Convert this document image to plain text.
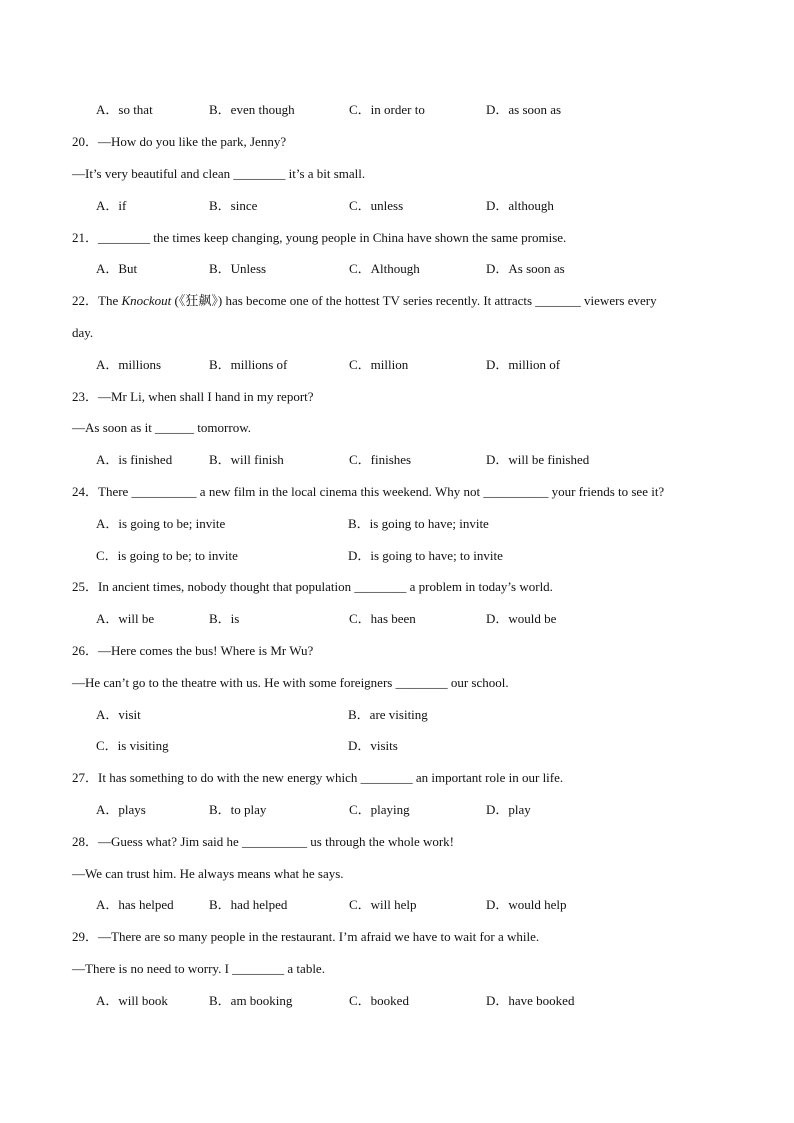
A．so that	B．even though	C．in order to	D．as soon as
20．—How do you like the park, Jenny?
—It’s very beautiful and clean ________ it’s a bit small.
A．if	B．since	C．unless	D．although
21．________ the times keep changing, young people in China have shown the same promise.
A．But	B．Unless	C．Although	D．As soon as
22．The Knockout (《狂飙》) has become one of the hottest TV series recently. It attracts _______ viewers every
day.
A．millions	B．millions of	C．million	D．million of
23．—Mr Li, when shall I hand in my report?
—As soon as it ______ tomorrow.
A．is finished	B．will finish	C．finishes	D．will be finished
24．There __________ a new film in the local cinema this weekend. Why not __________ your friends to see it?
A．is going to be; invite	B．is going to have; invite
C．is going to be; to invite	D．is going to have; to invite
25．In ancient times, nobody thought that population ________ a problem in today’s world.
A．will be	B．is	C．has been	D．would be
26．—Here comes the bus! Where is Mr Wu?
—He can’t go to the theatre with us. He with some foreigners ________ our school.
A．visit	B．are visiting
C．is visiting	D．visits
27．It has something to do with the new energy which ________ an important role in our life.
A．plays	B．to play	C．playing	D．play
28．—Guess what? Jim said he __________ us through the whole work!
—We can trust him. He always means what he says.
A．has helped	B．had helped	C．will help	D．would help
29．—There are so many people in the restaurant. I’m afraid we have to wait for a while.
—There is no need to worry. I ________ a table.
A．will book	B．am booking	C．booked	D．have booked
